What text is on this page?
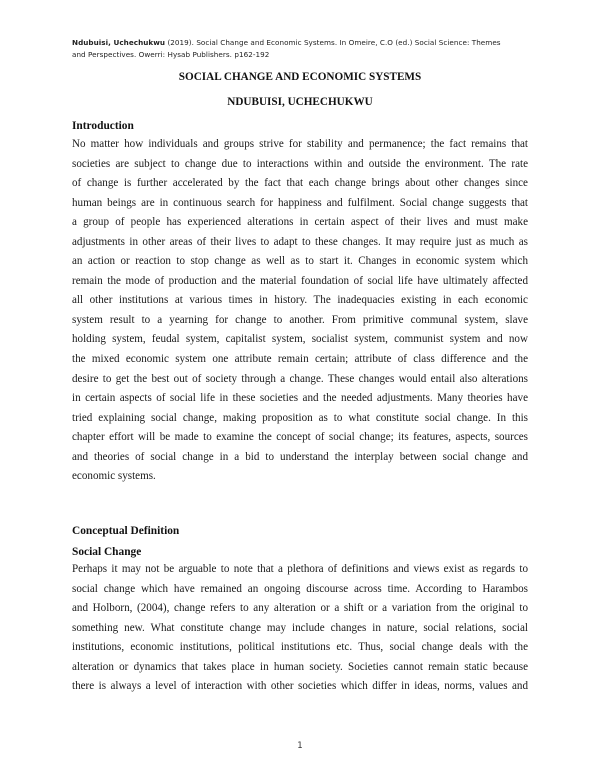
Ndubuisi, Uchechukwu (2019). Social Change and Economic Systems. In Omeire, C.O (ed.) Social Science: Themes
and Perspectives. Owerri: Hysab Publishers. p162-192
SOCIAL CHANGE AND ECONOMIC SYSTEMS
NDUBUISI, UCHECHUKWU
Introduction
No matter how individuals and groups strive for stability and permanence; the fact remains that
societies are subject to change due to interactions within and outside the environment. The rate
of change is further accelerated by the fact that each change brings about other changes since
human beings are in continuous search for happiness and fulfilment. Social change suggests that
a group of people has experienced alterations in certain aspect of their lives and must make
adjustments in other areas of their lives to adapt to these changes. It may require just as much as
an action or reaction to stop change as well as to start it. Changes in economic system which
remain the mode of production and the material foundation of social life have ultimately affected
all other institutions at various times in history. The inadequacies existing in each economic
system result to a yearning for change to another. From primitive communal system, slave
holding system, feudal system, capitalist system, socialist system, communist system and now
the mixed economic system one attribute remain certain; attribute of class difference and the
desire to get the best out of society through a change. These changes would entail also alterations
in certain aspects of social life in these societies and the needed adjustments. Many theories have
tried explaining social change, making proposition as to what constitute social change. In this
chapter effort will be made to examine the concept of social change; its features, aspects, sources
and theories of social change in a bid to understand the interplay between social change and
economic systems.
Conceptual Definition
Social Change
Perhaps it may not be arguable to note that a plethora of definitions and views exist as regards to
social change which have remained an ongoing discourse across time. According to Harambos
and Holborn, (2004), change refers to any alteration or a shift or a variation from the original to
something new. What constitute change may include changes in nature, social relations, social
institutions, economic institutions, political institutions etc. Thus, social change deals with the
alteration or dynamics that takes place in human society. Societies cannot remain static because
there is always a level of interaction with other societies which differ in ideas, norms, values and
1
